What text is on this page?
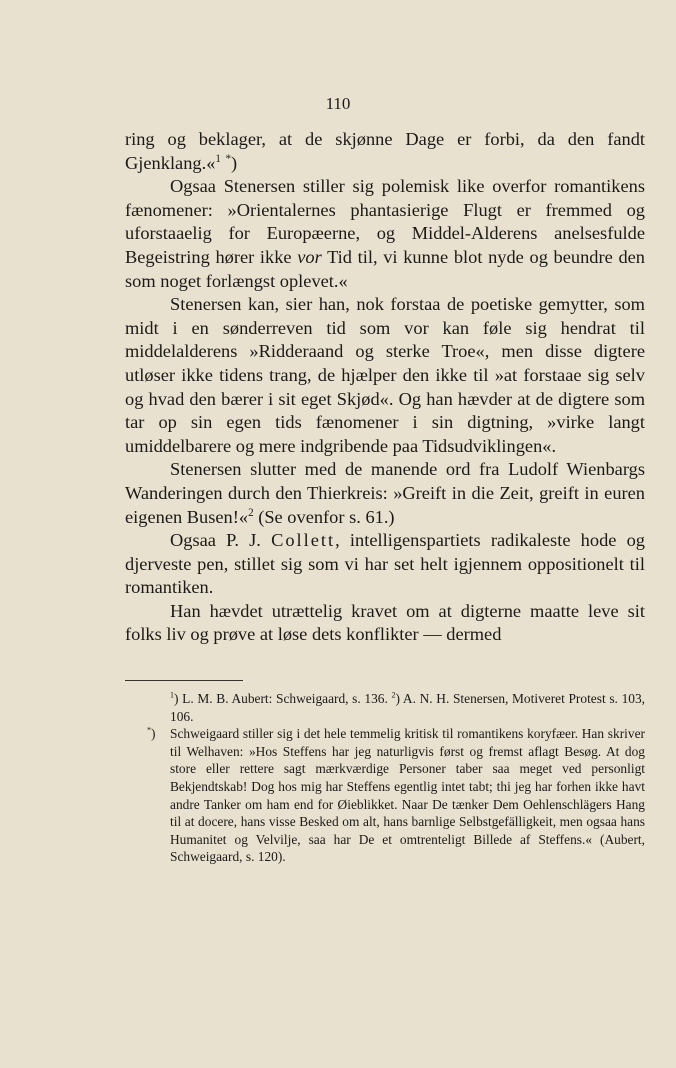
110

ring og beklager, at de skjønne Dage er forbi, da den fandt Gjenklang.«$^1$ *)

Ogsaa Stenersen stiller sig polemisk like overfor romantikens fænomener: »Orientalernes phantasierige Flugt er fremmed og uforstaaelig for Europæerne, og Middel-Alderens anelsesfulde Begeistring hører ikke vor Tid til, vi kunne blot nyde og beundre den som noget forlængst oplevet.«

Stenersen kan, sier han, nok forstaa de poetiske gemytter, som midt i en sønderreven tid som vor kan føle sig hendrat til middelalderens »Ridderaand og sterke Troe«, men disse digtere utløser ikke tidens trang, de hjælper den ikke til »at forstaae sig selv og hvad den bærer i sit eget Skjød«. Og han hævder at de digtere som tar op sin egen tids fænomener i sin digtning, »virke langt umiddelbarere og mere indgribende paa Tidsudviklingen«.

Stenersen slutter med de manende ord fra Ludolf Wienbargs Wanderingen durch den Thierkreis: »Greift in die Zeit, greift in euren eigenen Busen!«$^2$ (Se ovenfor s. 61.)

Ogsaa P. J. Collett, intelligenspartiets radikaleste hode og djerveste pen, stillet sig som vi har set helt igjennem oppositionelt til romantiken.

Han hævdet utrættelig kravet om at digterne maatte leve sit folks liv og prøve at løse dets konflikter — dermed

$^1$) L. M. B. Aubert: Schweigaard, s. 136. $^2$) A. N. H. Stenersen, Motiveret Protest s. 103, 106.

*) Schweigaard stiller sig i det hele temmelig kritisk til romantikens koryfæer. Han skriver til Welhaven: »Hos Steffens har jeg naturligvis først og fremst aflagt Besøg. At dog store eller rettere sagt mærkværdige Personer taber saa meget ved personligt Bekjendtskab! Dog hos mig har Steffens egentlig intet tabt; thi jeg har forhen ikke havt andre Tanker om ham end for Øieblikket. Naar De tænker Dem Oehlenschlägers Hang til at docere, hans visse Besked om alt, hans barnlige Selbstgefälligkeit, men ogsaa hans Humanitet og Velvilje, saa har De et omtrenteligt Billede af Steffens.« (Aubert, Schweigaard, s. 120).
